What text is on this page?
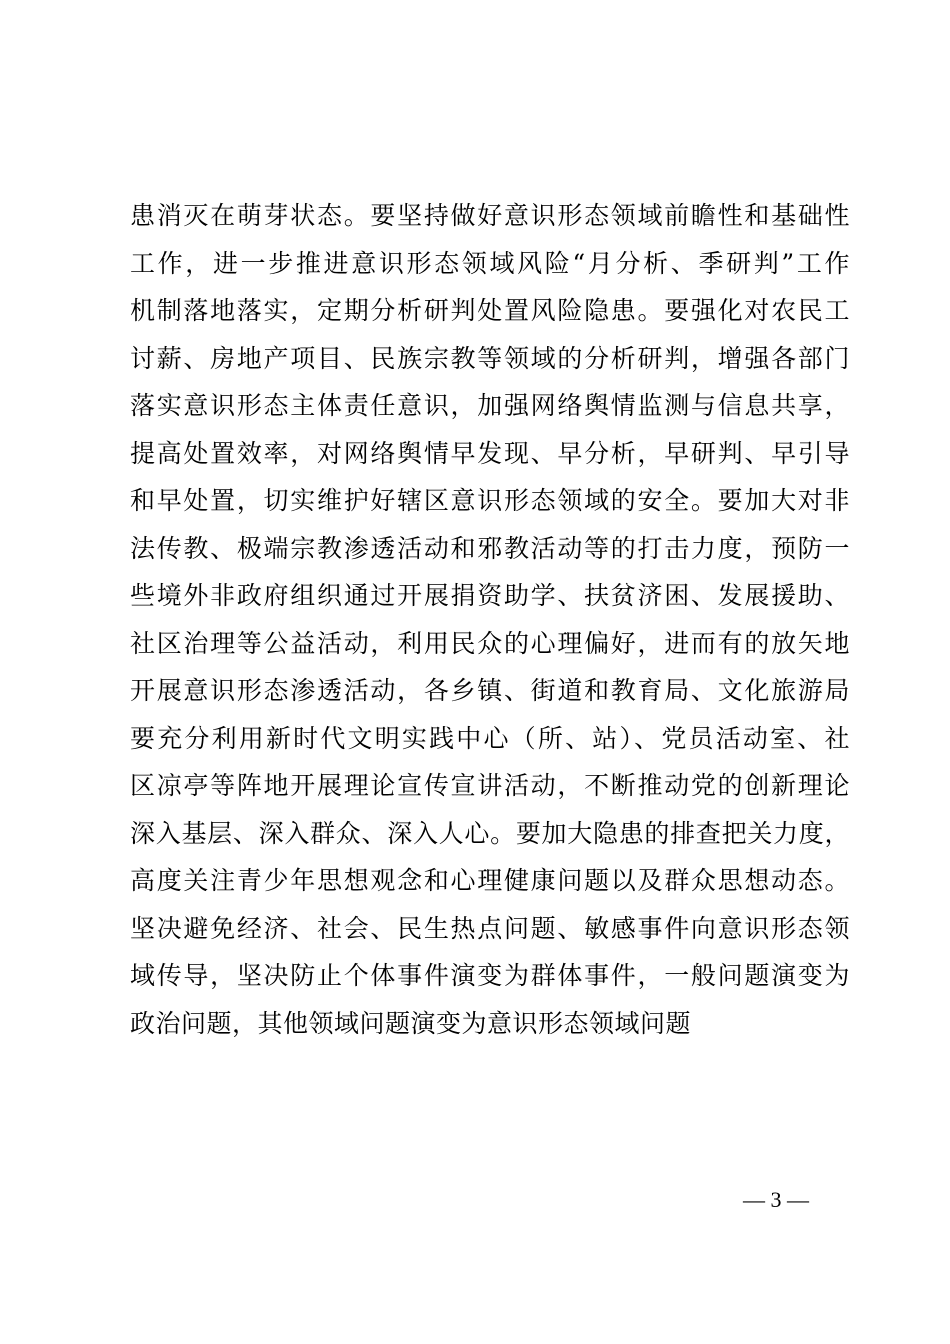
患消灭在萌芽状态。要坚持做好意识形态领域前瞻性和基础性
工作，进一步推进意识形态领域风险“月分析、季研判”工作
机制落地落实，定期分析研判处置风险隐患。要强化对农民工
讨薪、房地产项目、民族宗教等领域的分析研判，增强各部门
落实意识形态主体责任意识，加强网络舆情监测与信息共享，
提高处置效率，对网络舆情早发现、早分析，早研判、早引导
和早处置，切实维护好辖区意识形态领域的安全。要加大对非
法传教、极端宗教渗透活动和邪教活动等的打击力度，预防一
些境外非政府组织通过开展捐资助学、扶贫济困、发展援助、
社区治理等公益活动，利用民众的心理偏好，进而有的放矢地
开展意识形态渗透活动，各乡镇、街道和教育局、文化旅游局
要充分利用新时代文明实践中心（所、站）、党员活动室、社
区凉亭等阵地开展理论宣传宣讲活动，不断推动党的创新理论
深入基层、深入群众、深入人心。要加大隐患的排查把关力度，
高度关注青少年思想观念和心理健康问题以及群众思想动态。
坚决避免经济、社会、民生热点问题、敏感事件向意识形态领
域传导，坚决防止个体事件演变为群体事件，一般问题演变为
政治问题，其他领域问题演变为意识形态领域问题
— 3 —
